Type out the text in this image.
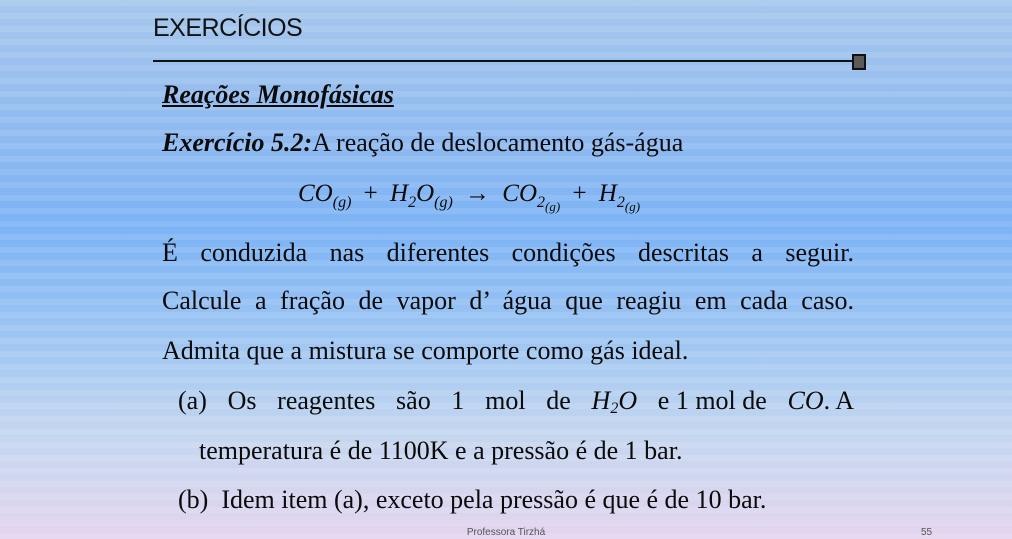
EXERCÍCIOS
Reações Monofásicas
Exercício 5.2:A reação de deslocamento gás-água
$CO_{(g)} + H_2O_{(g)} \to CO_{2_{(g)}} + H_{2_{(g)}}$
É conduzida nas diferentes condições descritas a seguir.
Calcule a fração de vapor d’ água que reagiu em cada caso.
Admita que a mistura se comporte como gás ideal.
(a) Os reagentes são 1 mol de $H_2O$ e 1 mol de CO. A
temperatura é de 1100K e a pressão é de 1 bar.
(b) Idem item (a), exceto pela pressão é que é de 10 bar.
Professora Tirzhá	55
